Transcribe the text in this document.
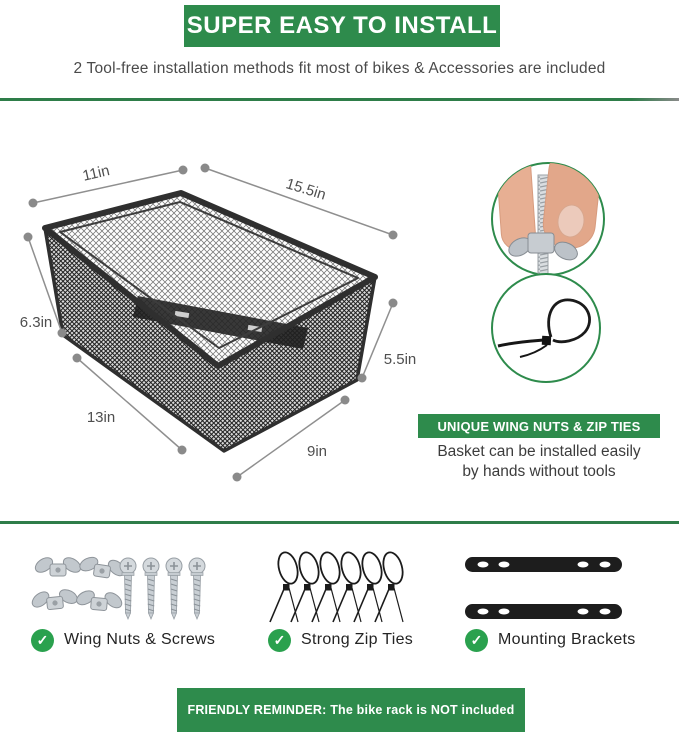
11in
15.5in
6.3in
13in
9in
5.5in
SUPER EASY TO INSTALL
2 Tool-free installation methods fit most of bikes & Accessories are included
UNIQUE WING NUTS & ZIP TIES
Basket can be installed easily
by hands without tools
✓ Wing Nuts & Screws	✓ Strong Zip Ties	✓ Mounting Brackets
FRIENDLY REMINDER: The bike rack is NOT included
